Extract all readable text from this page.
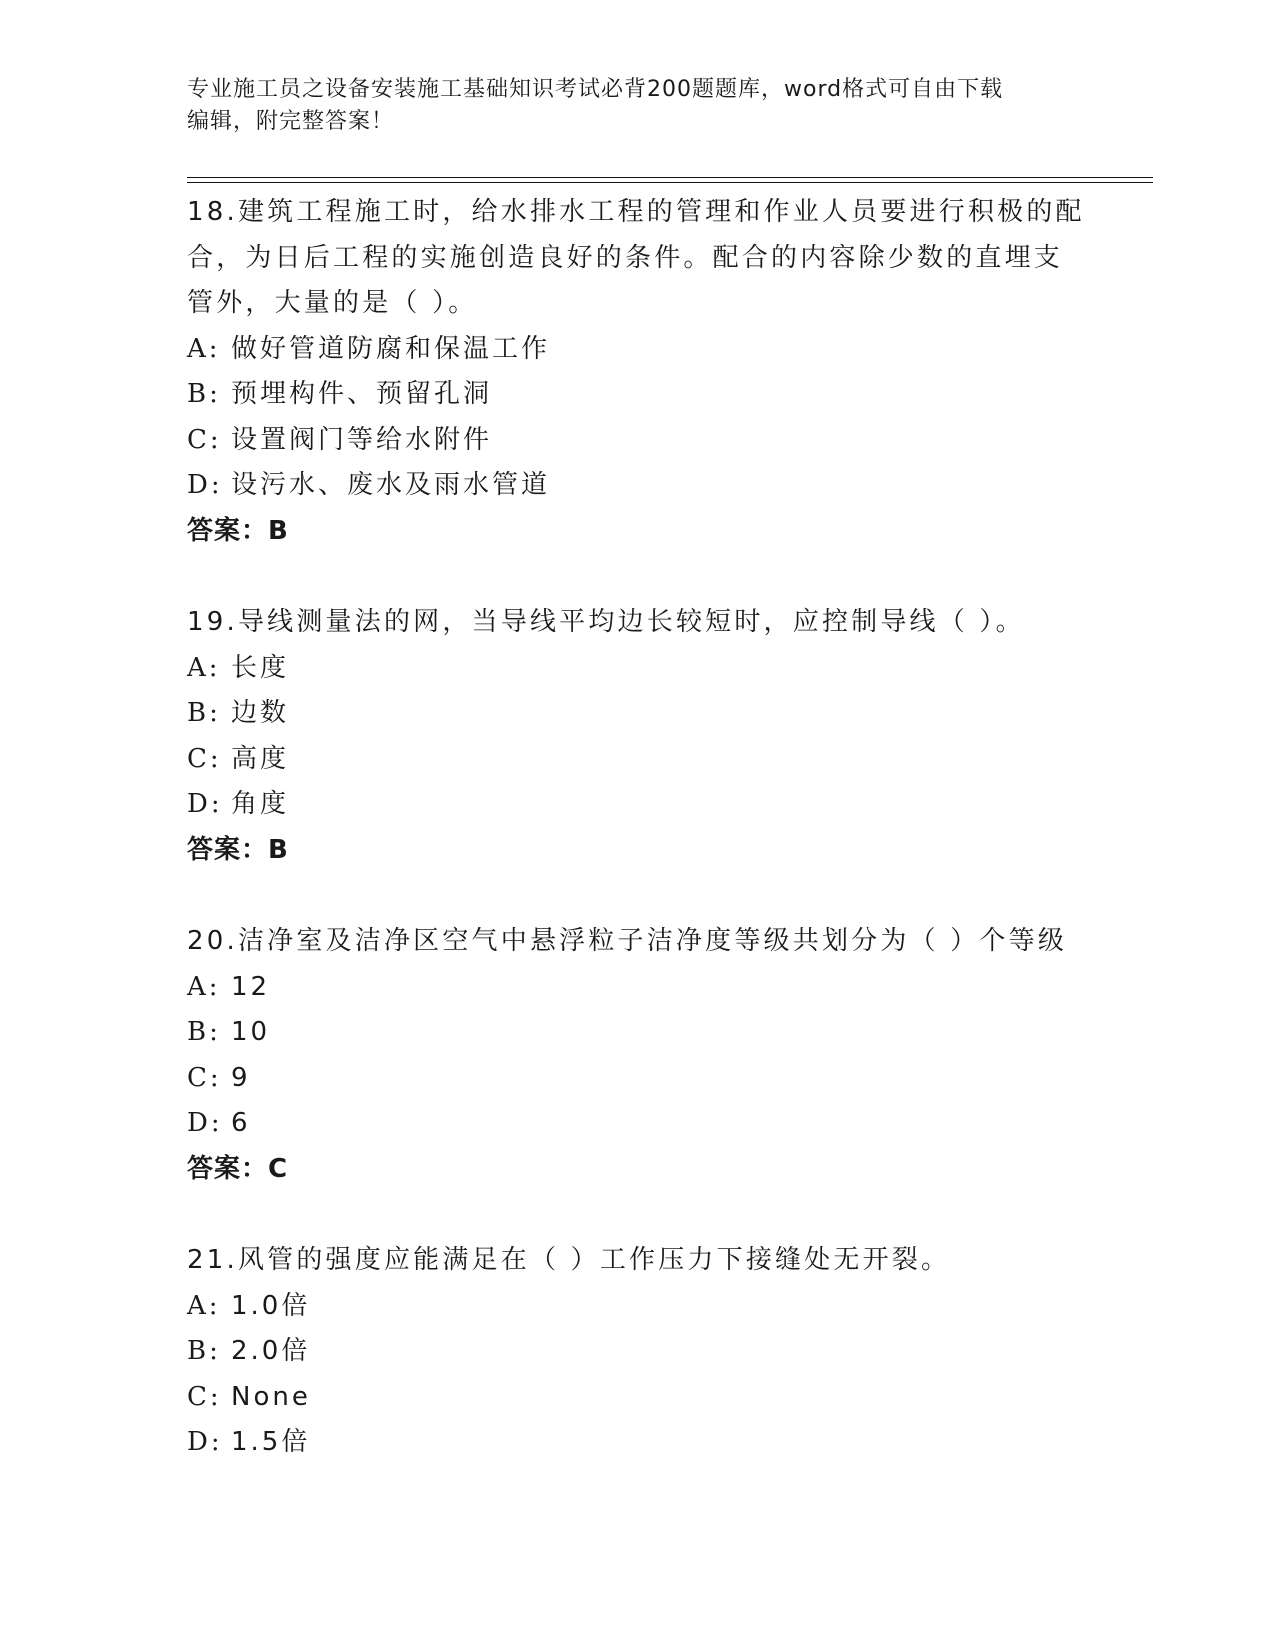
专业施工员之设备安装施工基础知识考试必背200题题库，word格式可自由下载
编辑，附完整答案！
18.建筑工程施工时，给水排水工程的管理和作业人员要进行积极的配
合，为日后工程的实施创造良好的条件。配合的内容除少数的直埋支
管外，大量的是（ ）。
A: 做好管道防腐和保温工作
B: 预埋构件、预留孔洞
C: 设置阀门等给水附件
D: 设污水、废水及雨水管道
答案：B
19.导线测量法的网，当导线平均边长较短时，应控制导线（ ）。
A: 长度
B: 边数
C: 高度
D: 角度
答案：B
20.洁净室及洁净区空气中悬浮粒子洁净度等级共划分为（ ）个等级
A: 12
B: 10
C: 9
D: 6
答案：C
21.风管的强度应能满足在（ ）工作压力下接缝处无开裂。
A: 1.0倍
B: 2.0倍
C: None
D: 1.5倍
